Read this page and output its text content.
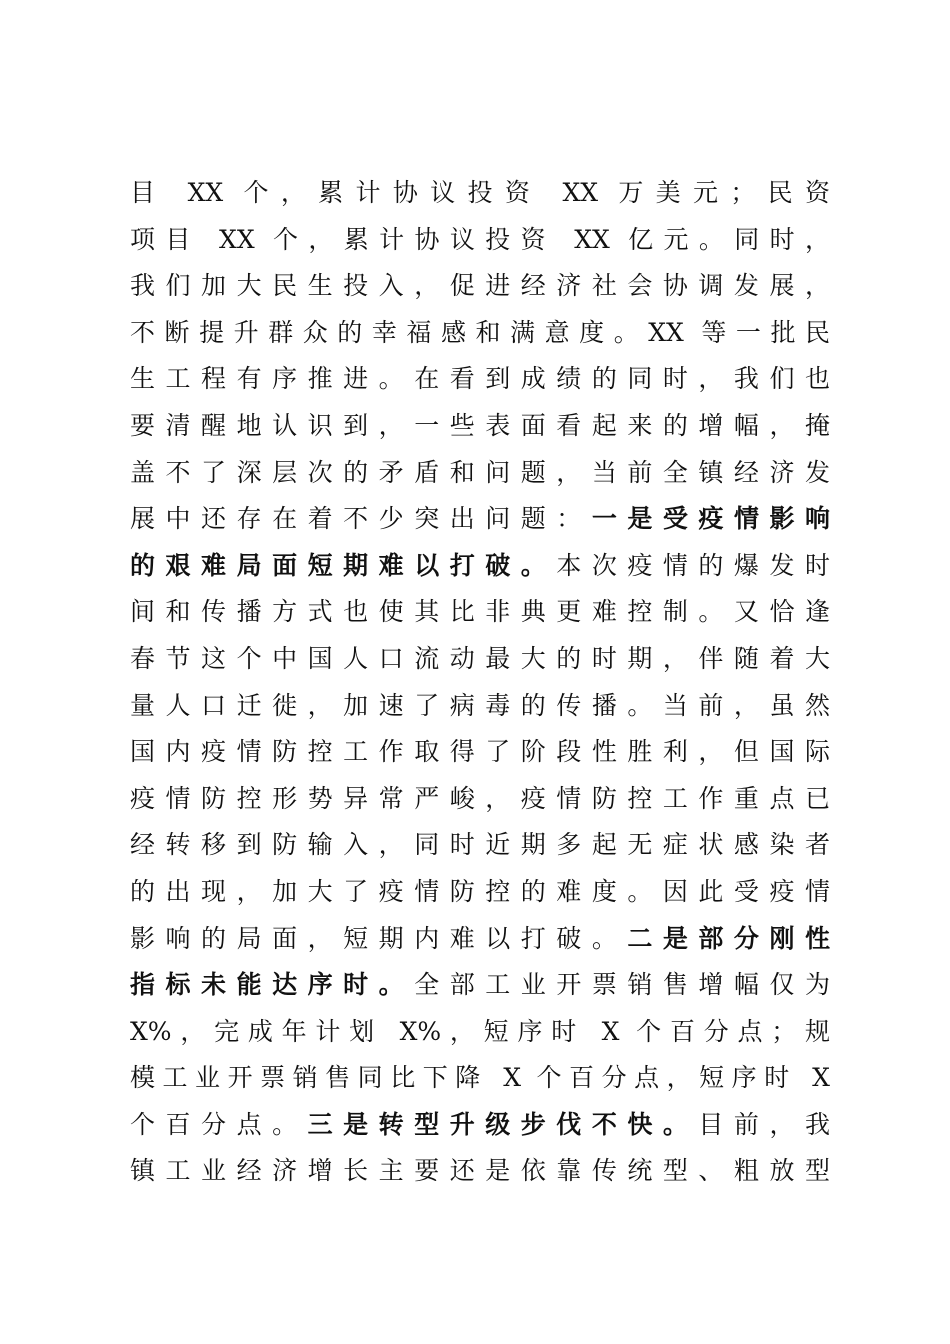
目 XX 个，累计协议投资 XX 万美元；民资
项目 XX 个，累计协议投资 XX 亿元。同时，
我们加大民生投入，促进经济社会协调发展，
不断提升群众的幸福感和满意度。XX 等一批民
生工程有序推进。在看到成绩的同时，我们也
要清醒地认识到，一些表面看起来的增幅，掩
盖不了深层次的矛盾和问题，当前全镇经济发
展中还存在着不少突出问题：一是受疫情影响
的艰难局面短期难以打破。本次疫情的爆发时
间和传播方式也使其比非典更难控制。又恰逢
春节这个中国人口流动最大的时期，伴随着大
量人口迁徙，加速了病毒的传播。当前，虽然
国内疫情防控工作取得了阶段性胜利，但国际
疫情防控形势异常严峻，疫情防控工作重点已
经转移到防输入，同时近期多起无症状感染者
的出现，加大了疫情防控的难度。因此受疫情
影响的局面，短期内难以打破。二是部分刚性
指标未能达序时。全部工业开票销售增幅仅为
X%，完成年计划 X%，短序时 X 个百分点；规
模工业开票销售同比下降 X 个百分点，短序时 X
个百分点。三是转型升级步伐不快。目前，我
镇工业经济增长主要还是依靠传统型、粗放型
